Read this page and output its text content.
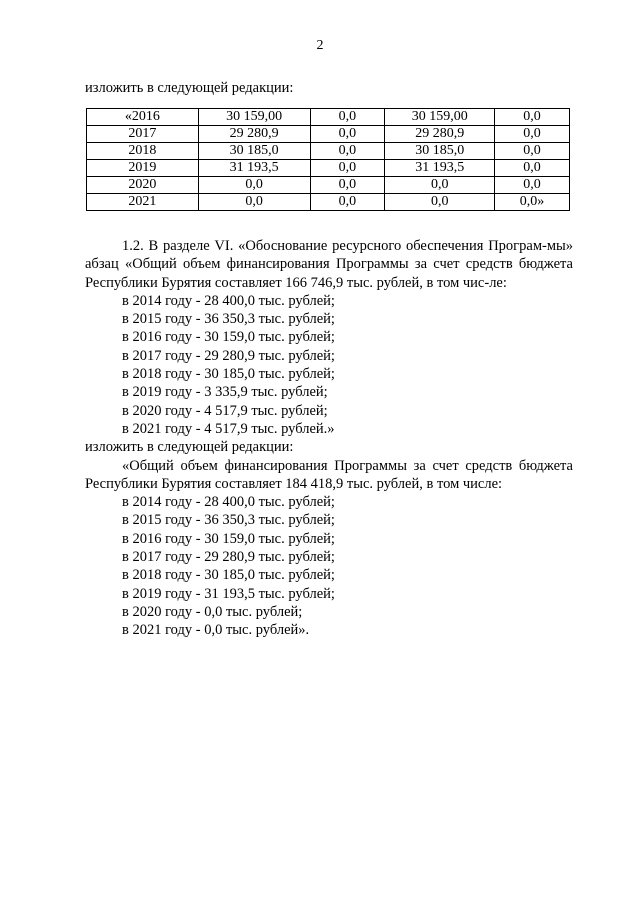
2

изложить в следующей редакции:

«2016	30 159,00	0,0	30 159,00	0,0
2017	29 280,9	0,0	29 280,9	0,0
2018	30 185,0	0,0	30 185,0	0,0
2019	31 193,5	0,0	31 193,5	0,0
2020	0,0	0,0	0,0	0,0
2021	0,0	0,0	0,0	0,0»

1.2. В разделе VI. «Обоснование ресурсного обеспечения Програм-мы» абзац «Общий объем финансирования Программы за счет средств бюджета Республики Бурятия составляет 166 746,9 тыс. рублей, в том чис-ле:

в 2014 году - 28 400,0 тыс. рублей;

в 2015 году - 36 350,3 тыс. рублей;

в 2016 году - 30 159,0 тыс. рублей;

в 2017 году - 29 280,9 тыс. рублей;

в 2018 году - 30 185,0 тыс. рублей;

в 2019 году - 3 335,9 тыс. рублей;

в 2020 году - 4 517,9 тыс. рублей;

в 2021 году - 4 517,9 тыс. рублей.»

изложить в следующей редакции:

«Общий объем финансирования Программы за счет средств бюджета Республики Бурятия составляет 184 418,9 тыс. рублей, в том числе:

в 2014 году - 28 400,0 тыс. рублей;

в 2015 году - 36 350,3 тыс. рублей;

в 2016 году - 30 159,0 тыс. рублей;

в 2017 году - 29 280,9 тыс. рублей;

в 2018 году - 30 185,0 тыс. рублей;

в 2019 году - 31 193,5 тыс. рублей;

в 2020 году - 0,0 тыс. рублей;

в 2021 году - 0,0 тыс. рублей».
